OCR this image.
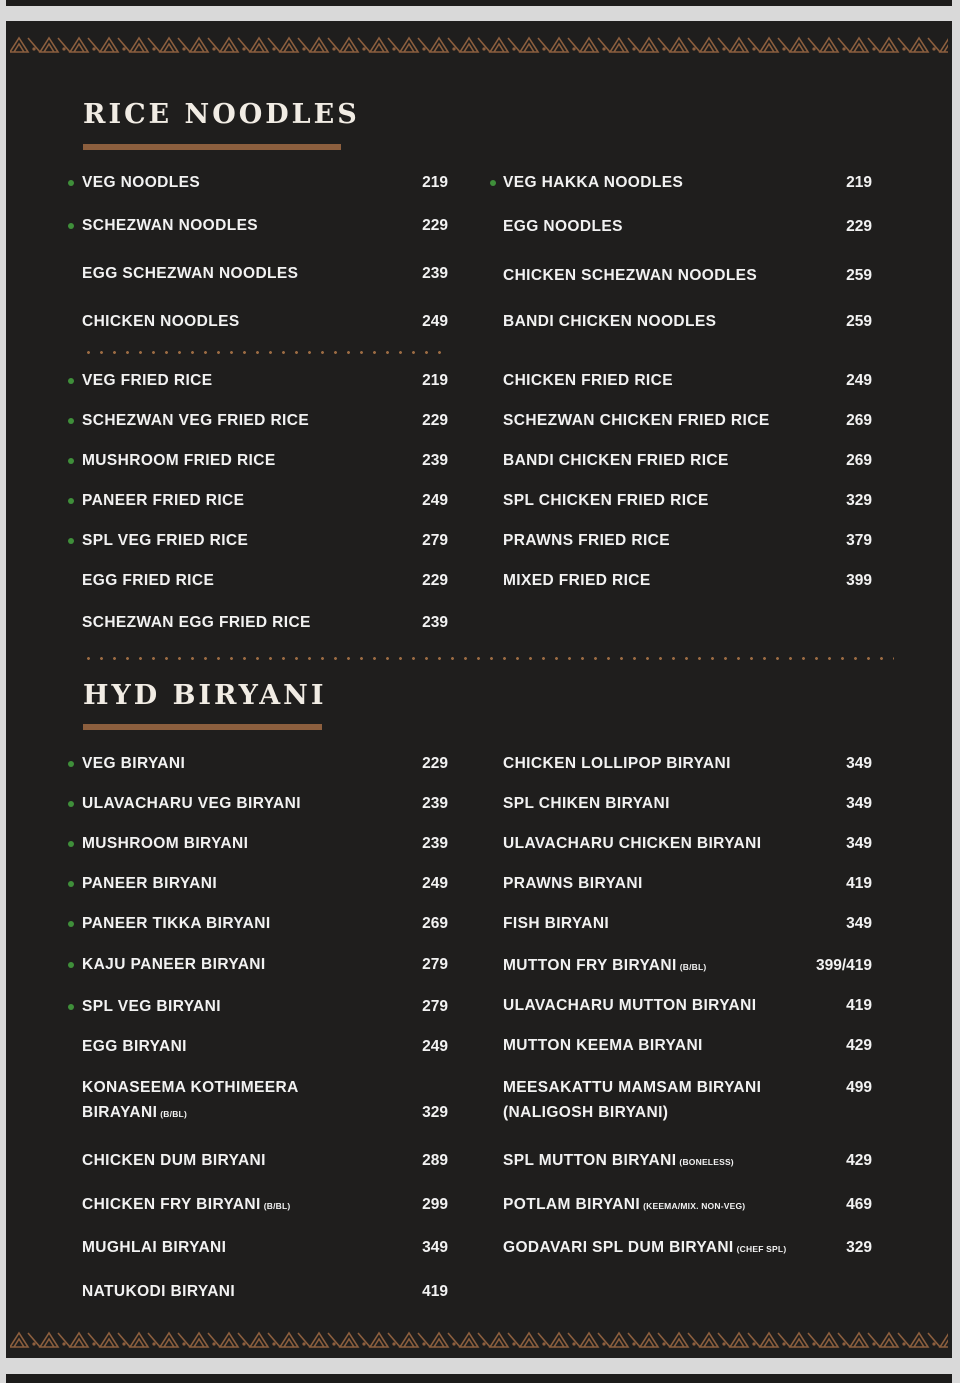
RICE NOODLES
HYD BIRYANI
VEG NOODLES	219
SCHEZWAN NOODLES	229
EGG SCHEZWAN NOODLES	239
CHICKEN NOODLES	249
VEG HAKKA NOODLES	219
EGG NOODLES	229
CHICKEN SCHEZWAN NOODLES	259
BANDI CHICKEN NOODLES	259
VEG FRIED RICE	219
SCHEZWAN VEG FRIED RICE	229
MUSHROOM FRIED RICE	239
PANEER FRIED RICE	249
SPL VEG FRIED RICE	279
EGG FRIED RICE	229
SCHEZWAN EGG FRIED RICE	239
CHICKEN FRIED RICE	249
SCHEZWAN CHICKEN FRIED RICE	269
BANDI CHICKEN FRIED RICE	269
SPL CHICKEN FRIED RICE	329
PRAWNS FRIED RICE	379
MIXED FRIED RICE	399
VEG BIRYANI	229
ULAVACHARU VEG BIRYANI	239
MUSHROOM BIRYANI	239
PANEER BIRYANI	249
PANEER TIKKA BIRYANI	269
KAJU PANEER BIRYANI	279
SPL VEG BIRYANI	279
EGG BIRYANI	249
KONASEEMA KOTHIMEERA BIRAYANI (B/BL)	329
CHICKEN DUM BIRYANI	289
CHICKEN FRY BIRYANI (B/BL)	299
MUGHLAI BIRYANI	349
NATUKODI BIRYANI	419
CHICKEN LOLLIPOP BIRYANI	349
SPL CHIKEN BIRYANI	349
ULAVACHARU CHICKEN BIRYANI	349
PRAWNS BIRYANI	419
FISH BIRYANI	349
MUTTON FRY BIRYANI (B/BL)	399/419
ULAVACHARU MUTTON BIRYANI	419
MUTTON KEEMA BIRYANI	429
MEESAKATTU MAMSAM BIRYANI (NALIGOSH BIRYANI)
499
SPL MUTTON BIRYANI (BONELESS)	429
POTLAM BIRYANI (KEEMA/MIX. NON-VEG)	469
GODAVARI SPL DUM BIRYANI (CHEF SPL)	329
